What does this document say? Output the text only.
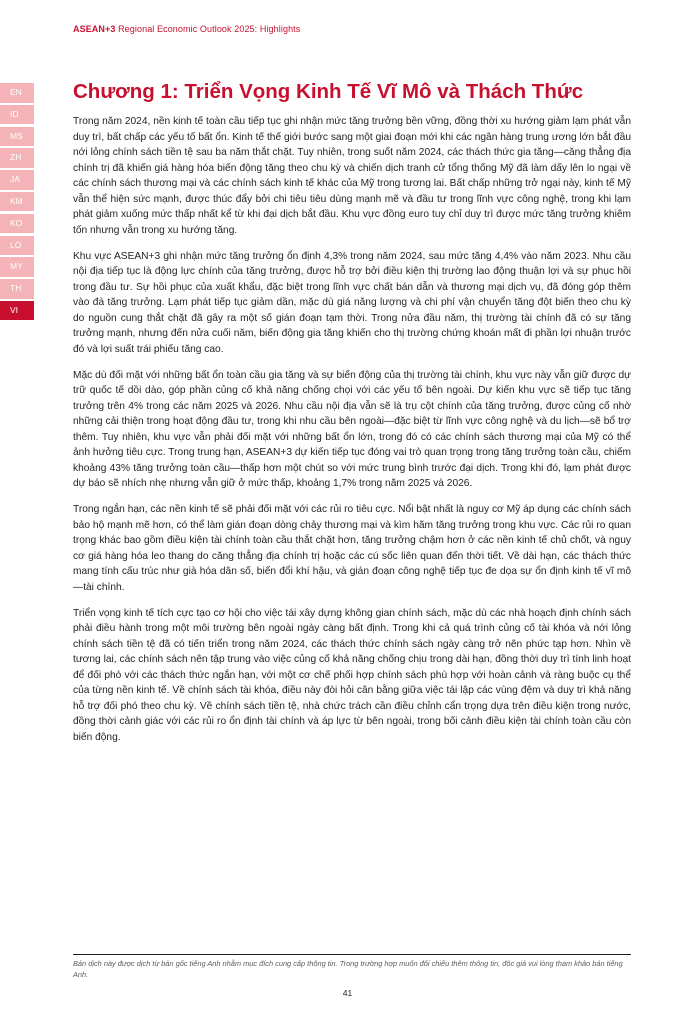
ASEAN+3 Regional Economic Outlook 2025: Highlights
EN
ID
MS
ZH
JA
KM
KO
LO
MY
TH
VI
Chương 1: Triển Vọng Kinh Tế Vĩ Mô và Thách Thức

Trong năm 2024, nền kinh tế toàn cầu tiếp tục ghi nhận mức tăng trưởng bền vững, đồng thời xu hướng giảm lạm phát vẫn duy trì, bất chấp các yếu tố bất ổn. Kinh tế thế giới bước sang một giai đoạn mới khi các ngân hàng trung ương lớn bắt đầu nới lỏng chính sách tiền tệ sau ba năm thắt chặt. Tuy nhiên, trong suốt năm 2024, các thách thức gia tăng—căng thẳng địa chính trị đã khiến giá hàng hóa biến động tăng theo chu kỳ và chiến dịch tranh cử tổng thống Mỹ đã làm dấy lên lo ngại về các chính sách thương mại và các chính sách kinh tế khác của Mỹ trong tương lai. Bất chấp những trở ngại này, kinh tế Mỹ vẫn thể hiện sức mạnh, được thúc đẩy bởi chi tiêu tiêu dùng mạnh mẽ và đầu tư trong lĩnh vực công nghệ, trong khi lạm phát giảm xuống mức thấp nhất kể từ khi đại dịch bắt đầu. Khu vực đồng euro tuy chỉ duy trì được mức tăng trưởng khiêm tốn nhưng vẫn trong xu hướng tăng.

Khu vực ASEAN+3 ghi nhận mức tăng trưởng ổn định 4,3% trong năm 2024, sau mức tăng 4,4% vào năm 2023. Nhu cầu nội địa tiếp tục là động lực chính của tăng trưởng, được hỗ trợ bởi điều kiện thị trường lao động thuận lợi và sự phục hồi trong đầu tư. Sự hồi phục của xuất khẩu, đặc biệt trong lĩnh vực chất bán dẫn và thương mại dịch vụ, đã đóng góp thêm vào đà tăng trưởng. Lạm phát tiếp tục giảm dần, mặc dù giá năng lượng và chi phí vận chuyển tăng đột biến theo chu kỳ do nguồn cung thắt chặt đã gây ra một số gián đoạn tạm thời. Trong nửa đầu năm, thị trường tài chính đã có sự tăng trưởng mạnh, nhưng đến nửa cuối năm, biến động gia tăng khiến cho thị trường chứng khoán mất đi phần lợi nhuận trước đó và lợi suất trái phiếu tăng cao.

Mặc dù đối mặt với những bất ổn toàn cầu gia tăng và sự biến động của thị trường tài chính, khu vực này vẫn giữ được dự trữ quốc tế dồi dào, góp phần củng cố khả năng chống chọi với các yếu tố bên ngoài. Dự kiến khu vực sẽ tiếp tục tăng trưởng trên 4% trong các năm 2025 và 2026. Nhu cầu nội địa vẫn sẽ là trụ cột chính của tăng trưởng, được củng cố nhờ những cải thiện trong hoạt động đầu tư, trong khi nhu cầu bên ngoài—đặc biệt từ lĩnh vực công nghệ và du lịch—sẽ bổ trợ thêm. Tuy nhiên, khu vực vẫn phải đối mặt với những bất ổn lớn, trong đó có các chính sách thương mại của Mỹ có thể ảnh hưởng tiêu cực. Trong trung hạn, ASEAN+3 dự kiến tiếp tục đóng vai trò quan trọng trong tăng trưởng toàn cầu, chiếm khoảng 43% tăng trưởng toàn cầu—thấp hơn một chút so với mức trung bình trước đại dịch. Trong khi đó, lạm phát được dự báo sẽ nhích nhẹ nhưng vẫn giữ ở mức thấp, khoảng 1,7% trong năm 2025 và 2026.

Trong ngắn hạn, các nền kinh tế sẽ phải đối mặt với các rủi ro tiêu cực. Nổi bật nhất là nguy cơ Mỹ áp dụng các chính sách bảo hộ mạnh mẽ hơn, có thể làm gián đoạn dòng chảy thương mại và kìm hãm tăng trưởng trong khu vực. Các rủi ro quan trọng khác bao gồm điều kiện tài chính toàn cầu thắt chặt hơn, tăng trưởng chậm hơn ở các nền kinh tế chủ chốt, và nguy cơ giá hàng hóa leo thang do căng thẳng địa chính trị hoặc các cú sốc liên quan đến thời tiết. Về dài hạn, các thách thức mang tính cấu trúc như già hóa dân số, biến đổi khí hậu, và gián đoạn công nghệ tiếp tục đe dọa sự ổn định kinh tế vĩ mô—tài chính.

Triển vọng kinh tế tích cực tạo cơ hội cho việc tái xây dựng không gian chính sách, mặc dù các nhà hoạch định chính sách phải điều hành trong một môi trường bên ngoài ngày càng bất định. Trong khi cả quá trình củng cố tài khóa và nới lỏng chính sách tiền tệ đã có tiến triển trong năm 2024, các thách thức chính sách ngày càng trở nên phức tạp hơn. Nhìn về tương lai, các chính sách nên tập trung vào việc củng cố khả năng chống chịu trong dài hạn, đồng thời duy trì tính linh hoạt để đối phó với các thách thức ngắn hạn, với một cơ chế phối hợp chính sách phù hợp với hoàn cảnh và ràng buộc cụ thể của từng nền kinh tế. Về chính sách tài khóa, điều này đòi hỏi cân bằng giữa việc tái lập các vùng đệm và duy trì khả năng hỗ trợ đối phó theo chu kỳ. Về chính sách tiền tệ, nhà chức trách cần điều chỉnh cẩn trọng dựa trên điều kiện trong nước, đồng thời cảnh giác với các rủi ro ổn định tài chính và áp lực từ bên ngoài, trong bối cảnh điều kiện tài chính toàn cầu còn biến động.

Bản dịch này được dịch từ bản gốc tiếng Anh nhằm mục đích cung cấp thông tin. Trong trường hợp muốn đối chiếu thêm thông tin, độc giả vui lòng tham khảo bản tiếng Anh.

41
